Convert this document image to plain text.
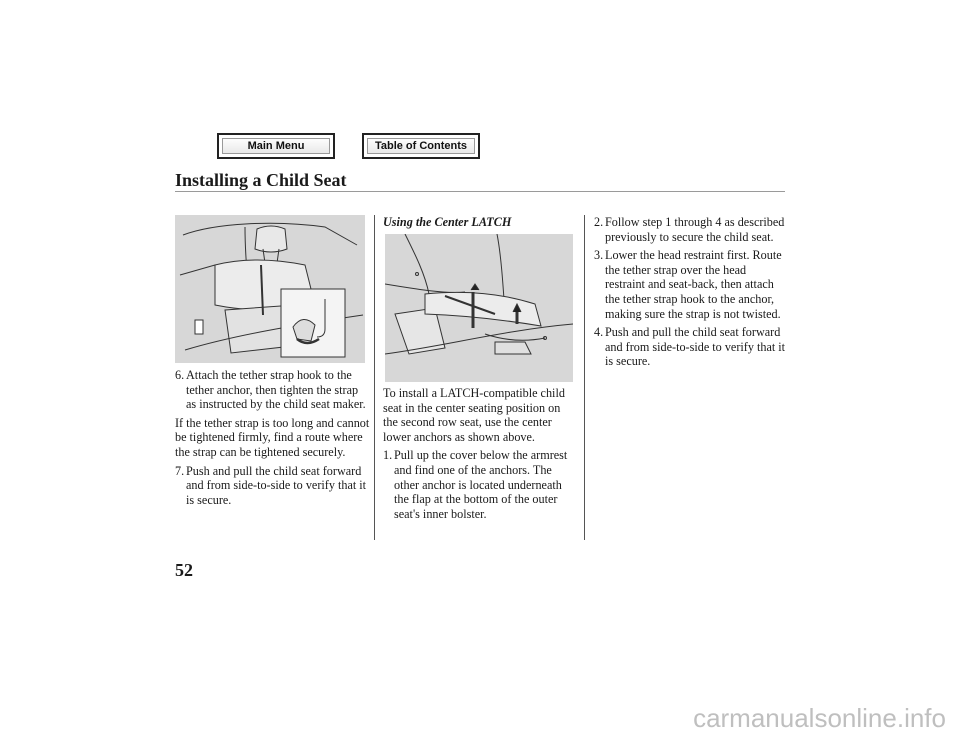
Main Menu	Table of Contents
Installing a Child Seat
6. Attach the tether strap hook to the tether anchor, then tighten the strap as instructed by the child seat maker.

If the tether strap is too long and cannot be tightened firmly, find a route where the strap can be tightened securely.

7. Push and pull the child seat forward and from side-to-side to verify that it is secure.
Using the Center LATCH

To install a LATCH-compatible child seat in the center seating position on the second row seat, use the center lower anchors as shown above.

1. Pull up the cover below the armrest and find one of the anchors. The other anchor is located underneath the flap at the bottom of the outer seat's inner bolster.
2. Follow step 1 through 4 as described previously to secure the child seat.
3. Lower the head restraint first. Route the tether strap over the head restraint and seat-back, then attach the tether strap hook to the anchor, making sure the strap is not twisted.
4. Push and pull the child seat forward and from side-to-side to verify that it is secure.
52
carmanualsonline.info
